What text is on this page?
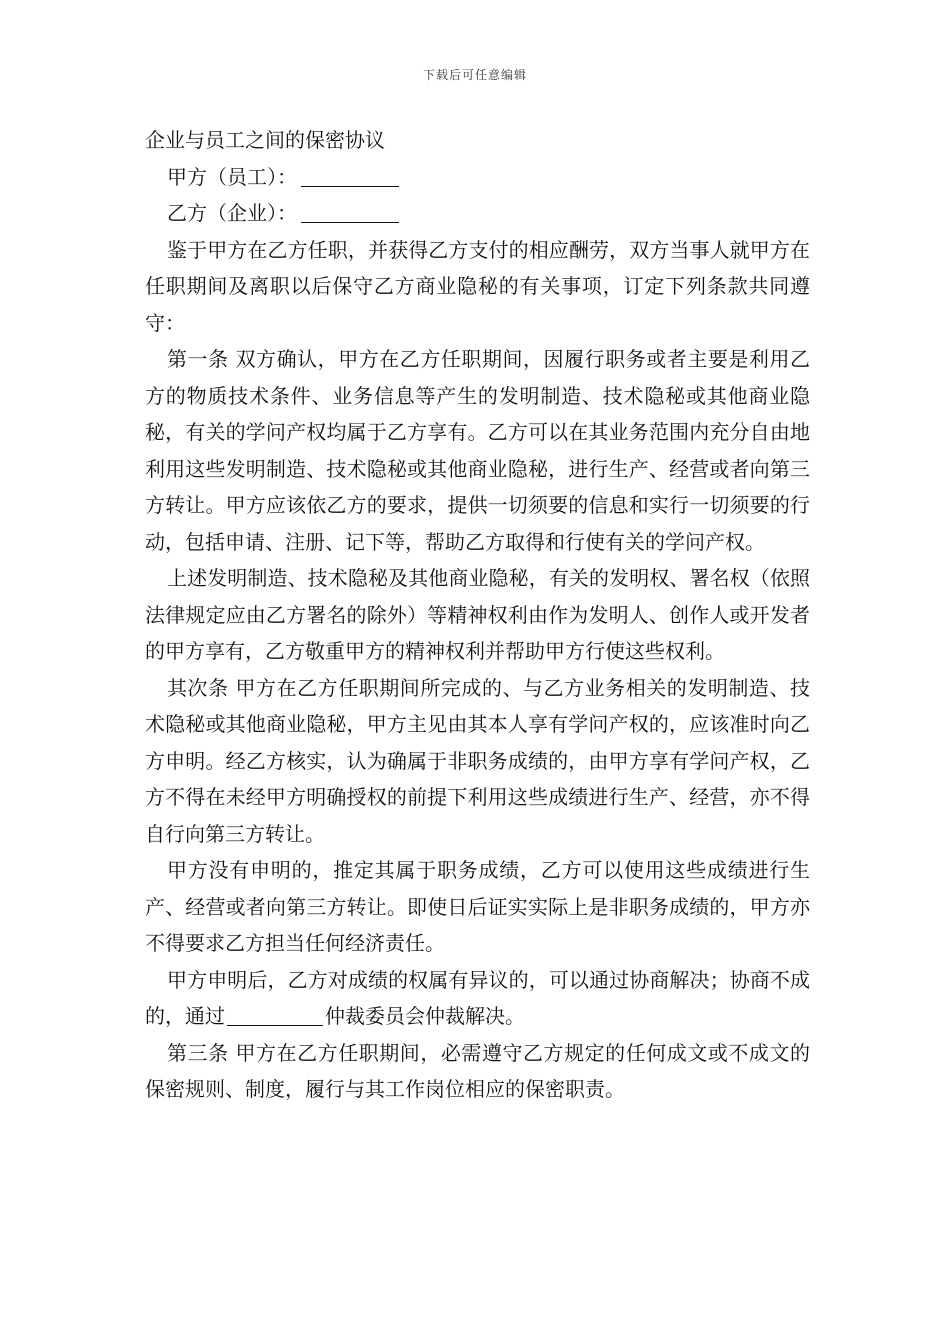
下载后可任意编辑

企业与员工之间的保密协议

甲方（员工）：

乙方（企业）：

鉴于甲方在乙方任职，并获得乙方支付的相应酬劳，双方当事人就甲方在任职期间及离职以后保守乙方商业隐秘的有关事项，订定下列条款共同遵守：

第一条 双方确认，甲方在乙方任职期间，因履行职务或者主要是利用乙方的物质技术条件、业务信息等产生的发明制造、技术隐秘或其他商业隐秘，有关的学问产权均属于乙方享有。乙方可以在其业务范围内充分自由地利用这些发明制造、技术隐秘或其他商业隐秘，进行生产、经营或者向第三方转让。甲方应该依乙方的要求，提供一切须要的信息和实行一切须要的行动，包括申请、注册、记下等，帮助乙方取得和行使有关的学问产权。

上述发明制造、技术隐秘及其他商业隐秘，有关的发明权、署名权（依照法律规定应由乙方署名的除外）等精神权利由作为发明人、创作人或开发者的甲方享有，乙方敬重甲方的精神权利并帮助甲方行使这些权利。

其次条 甲方在乙方任职期间所完成的、与乙方业务相关的发明制造、技术隐秘或其他商业隐秘，甲方主见由其本人享有学问产权的，应该准时向乙方申明。经乙方核实，认为确属于非职务成绩的，由甲方享有学问产权，乙方不得在未经甲方明确授权的前提下利用这些成绩进行生产、经营，亦不得自行向第三方转让。

甲方没有申明的，推定其属于职务成绩，乙方可以使用这些成绩进行生产、经营或者向第三方转让。即使日后证实实际上是非职务成绩的，甲方亦不得要求乙方担当任何经济责任。

甲方申明后，乙方对成绩的权属有异议的，可以通过协商解决；协商不成的，通过	仲裁委员会仲裁解决。

第三条 甲方在乙方任职期间，必需遵守乙方规定的任何成文或不成文的保密规则、制度，履行与其工作岗位相应的保密职责。
